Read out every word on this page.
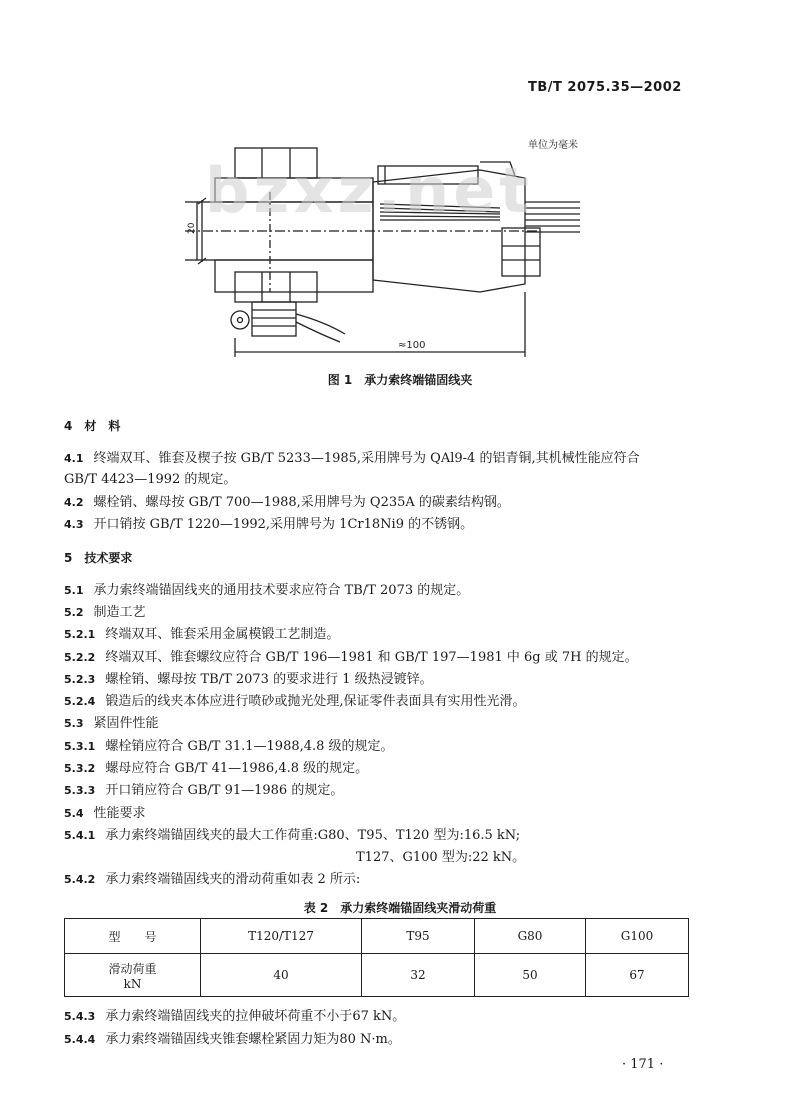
TB/T 2075.35—2002
单位为毫米
20
≈100
bzxz.net
图 1　承力索终端锚固线夹
4　材　料
4.1 终端双耳、锥套及楔子按 GB/T 5233—1985,采用牌号为 QAl9-4 的铝青铜,其机械性能应符合
GB/T 4423—1992 的规定。
4.2 螺栓销、螺母按 GB/T 700—1988,采用牌号为 Q235A 的碳素结构钢。
4.3 开口销按 GB/T 1220—1992,采用牌号为 1Cr18Ni9 的不锈钢。
5　技术要求
5.1 承力索终端锚固线夹的通用技术要求应符合 TB/T 2073 的规定。
5.2 制造工艺
5.2.1 终端双耳、锥套采用金属模锻工艺制造。
5.2.2 终端双耳、锥套螺纹应符合 GB/T 196—1981 和 GB/T 197—1981 中 6g 或 7H 的规定。
5.2.3 螺栓销、螺母按 TB/T 2073 的要求进行 1 级热浸镀锌。
5.2.4 锻造后的线夹本体应进行喷砂或抛光处理,保证零件表面具有实用性光滑。
5.3 紧固件性能
5.3.1 螺栓销应符合 GB/T 31.1—1988,4.8 级的规定。
5.3.2 螺母应符合 GB/T 41—1986,4.8 级的规定。
5.3.3 开口销应符合 GB/T 91—1986 的规定。
5.4 性能要求
5.4.1 承力索终端锚固线夹的最大工作荷重:G80、T95、T120 型为:16.5 kN;
T127、G100 型为:22 kN。
5.4.2 承力索终端锚固线夹的滑动荷重如表 2 所示:
表 2　承力索终端锚固线夹滑动荷重
型　　号	T120/T127	T95	G80	G100

滑动荷重
kN	40	32	50	67
5.4.3 承力索终端锚固线夹的拉伸破坏荷重不小于67 kN。
5.4.4 承力索终端锚固线夹锥套螺栓紧固力矩为80 N·m。
· 171 ·
